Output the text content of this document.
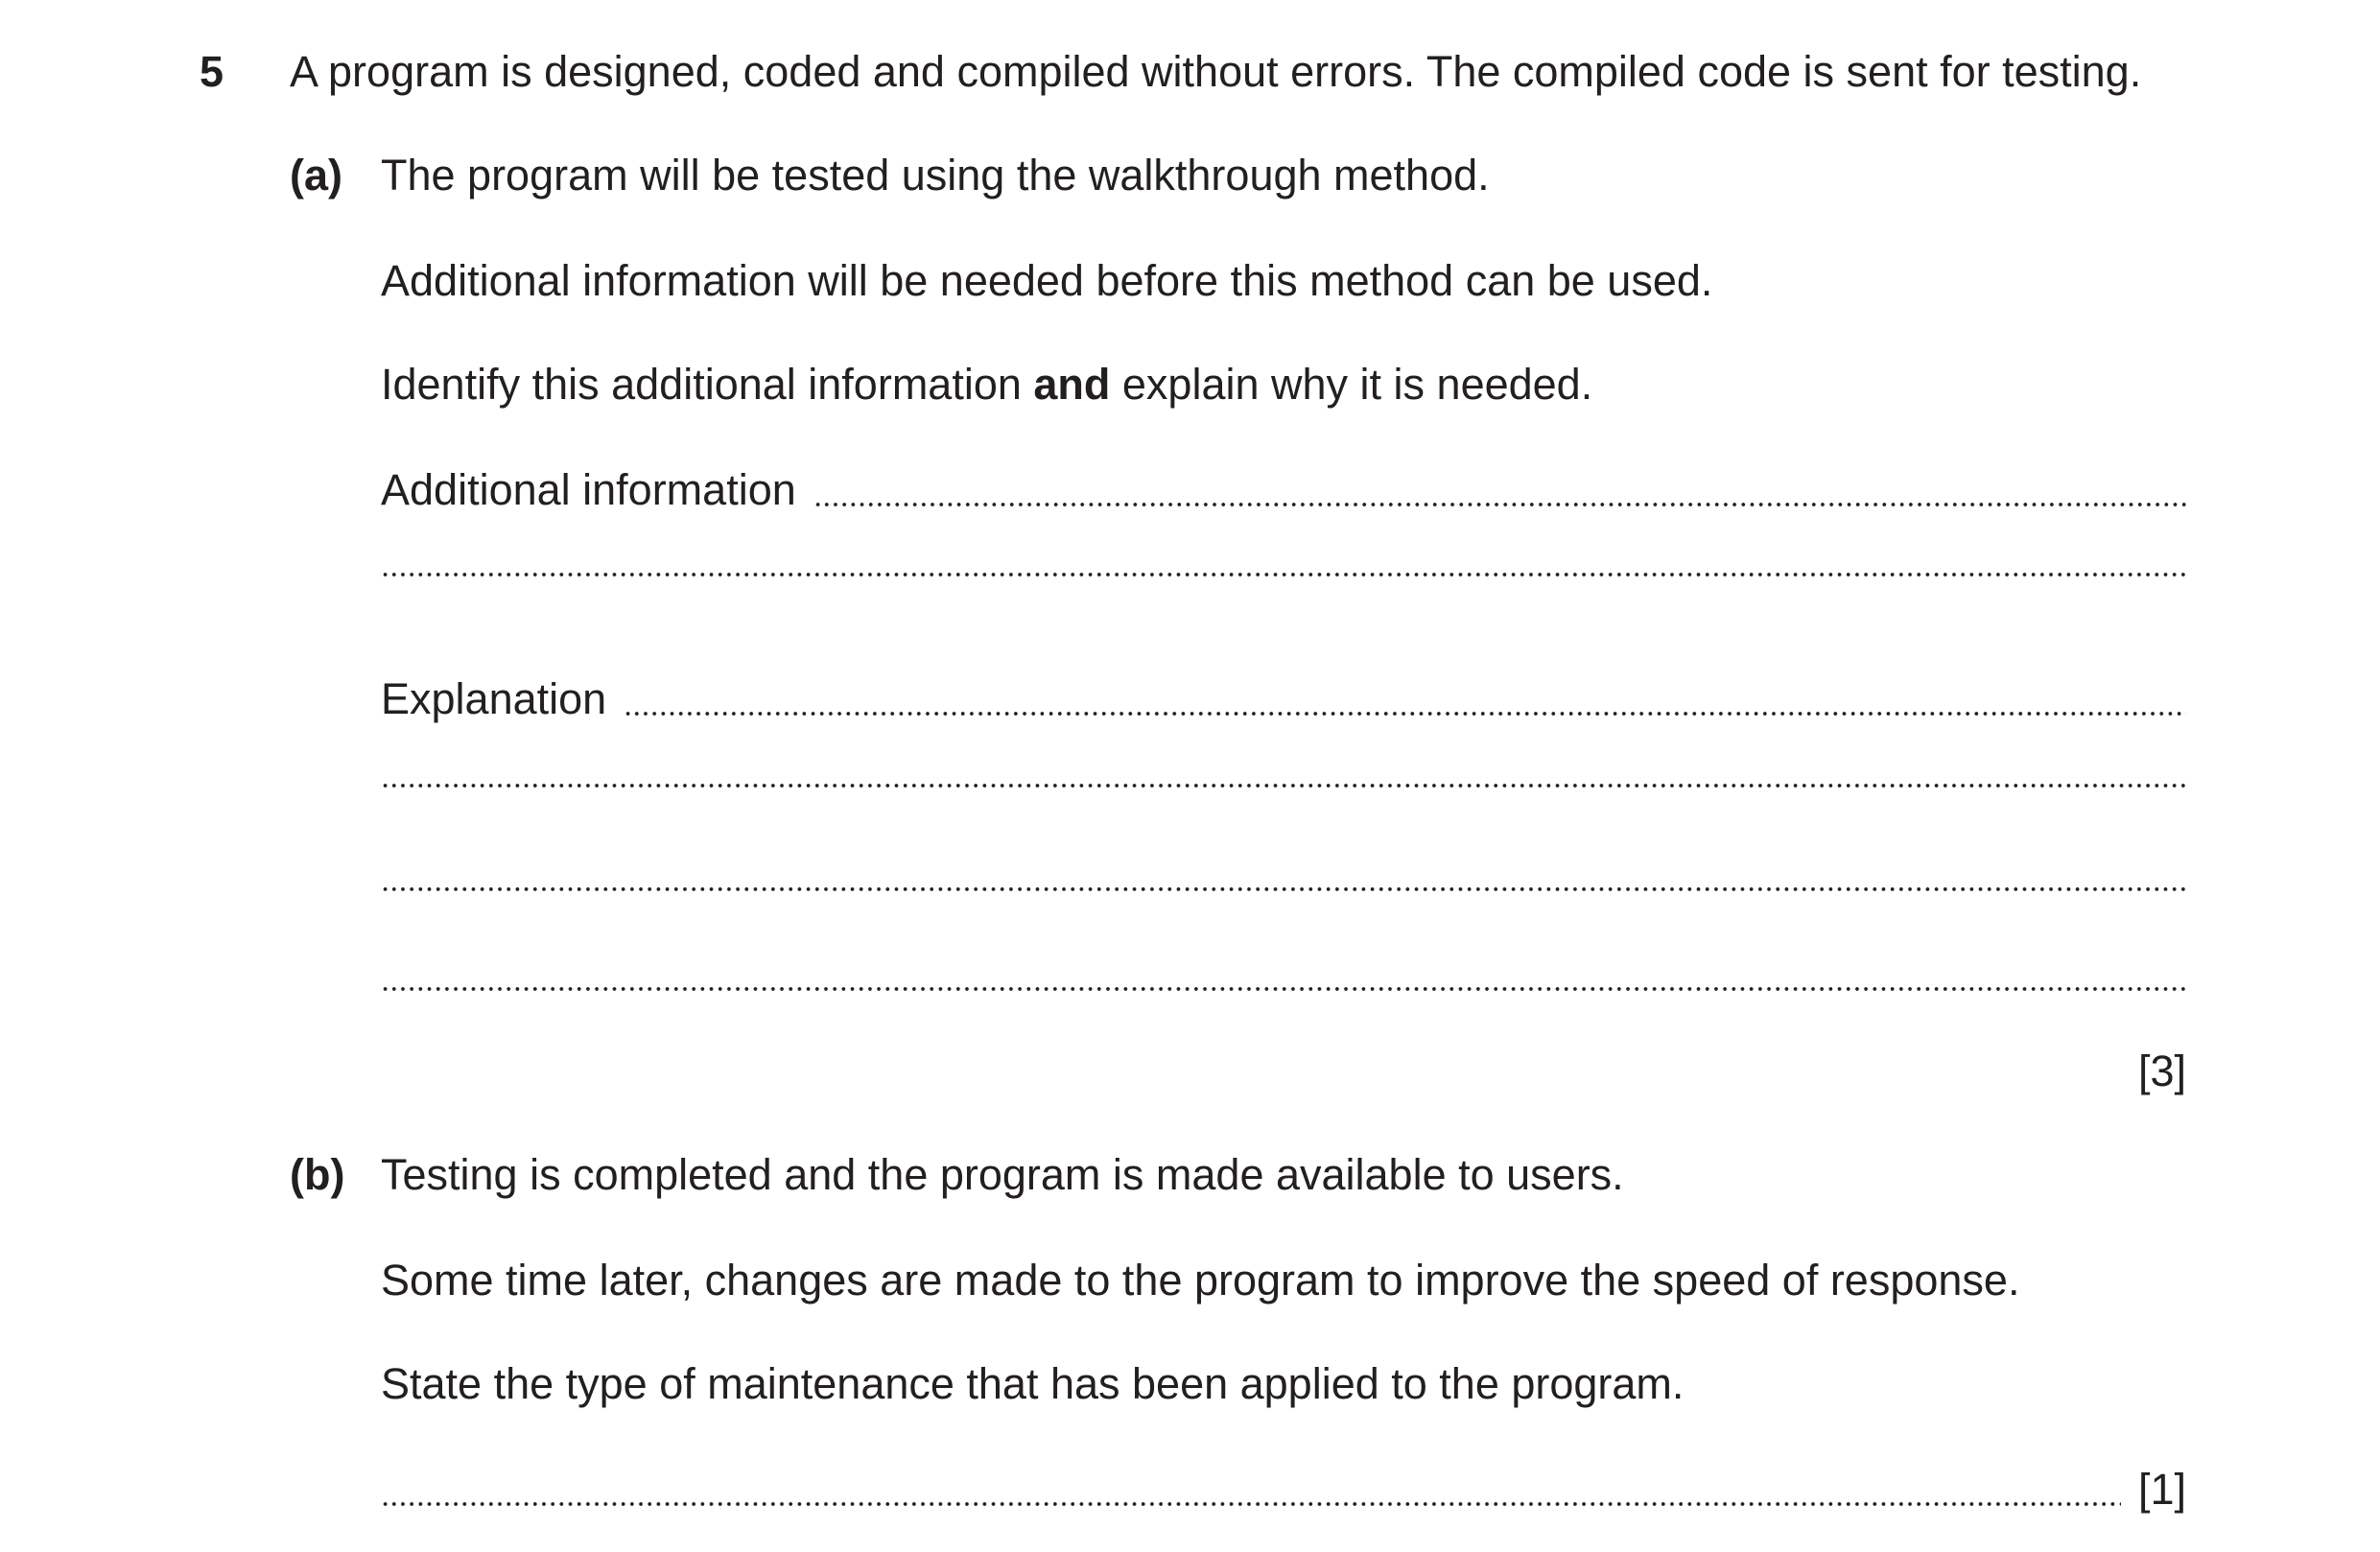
5 A program is designed, coded and compiled without errors. The compiled code is sent for testing.
(a) The program will be tested using the walkthrough method.
Additional information will be needed before this method can be used.
Identify this additional information and explain why it is needed.
Additional information
Explanation
[3]
(b) Testing is completed and the program is made available to users.
Some time later, changes are made to the program to improve the speed of response.
State the type of maintenance that has been applied to the program.
[1]
